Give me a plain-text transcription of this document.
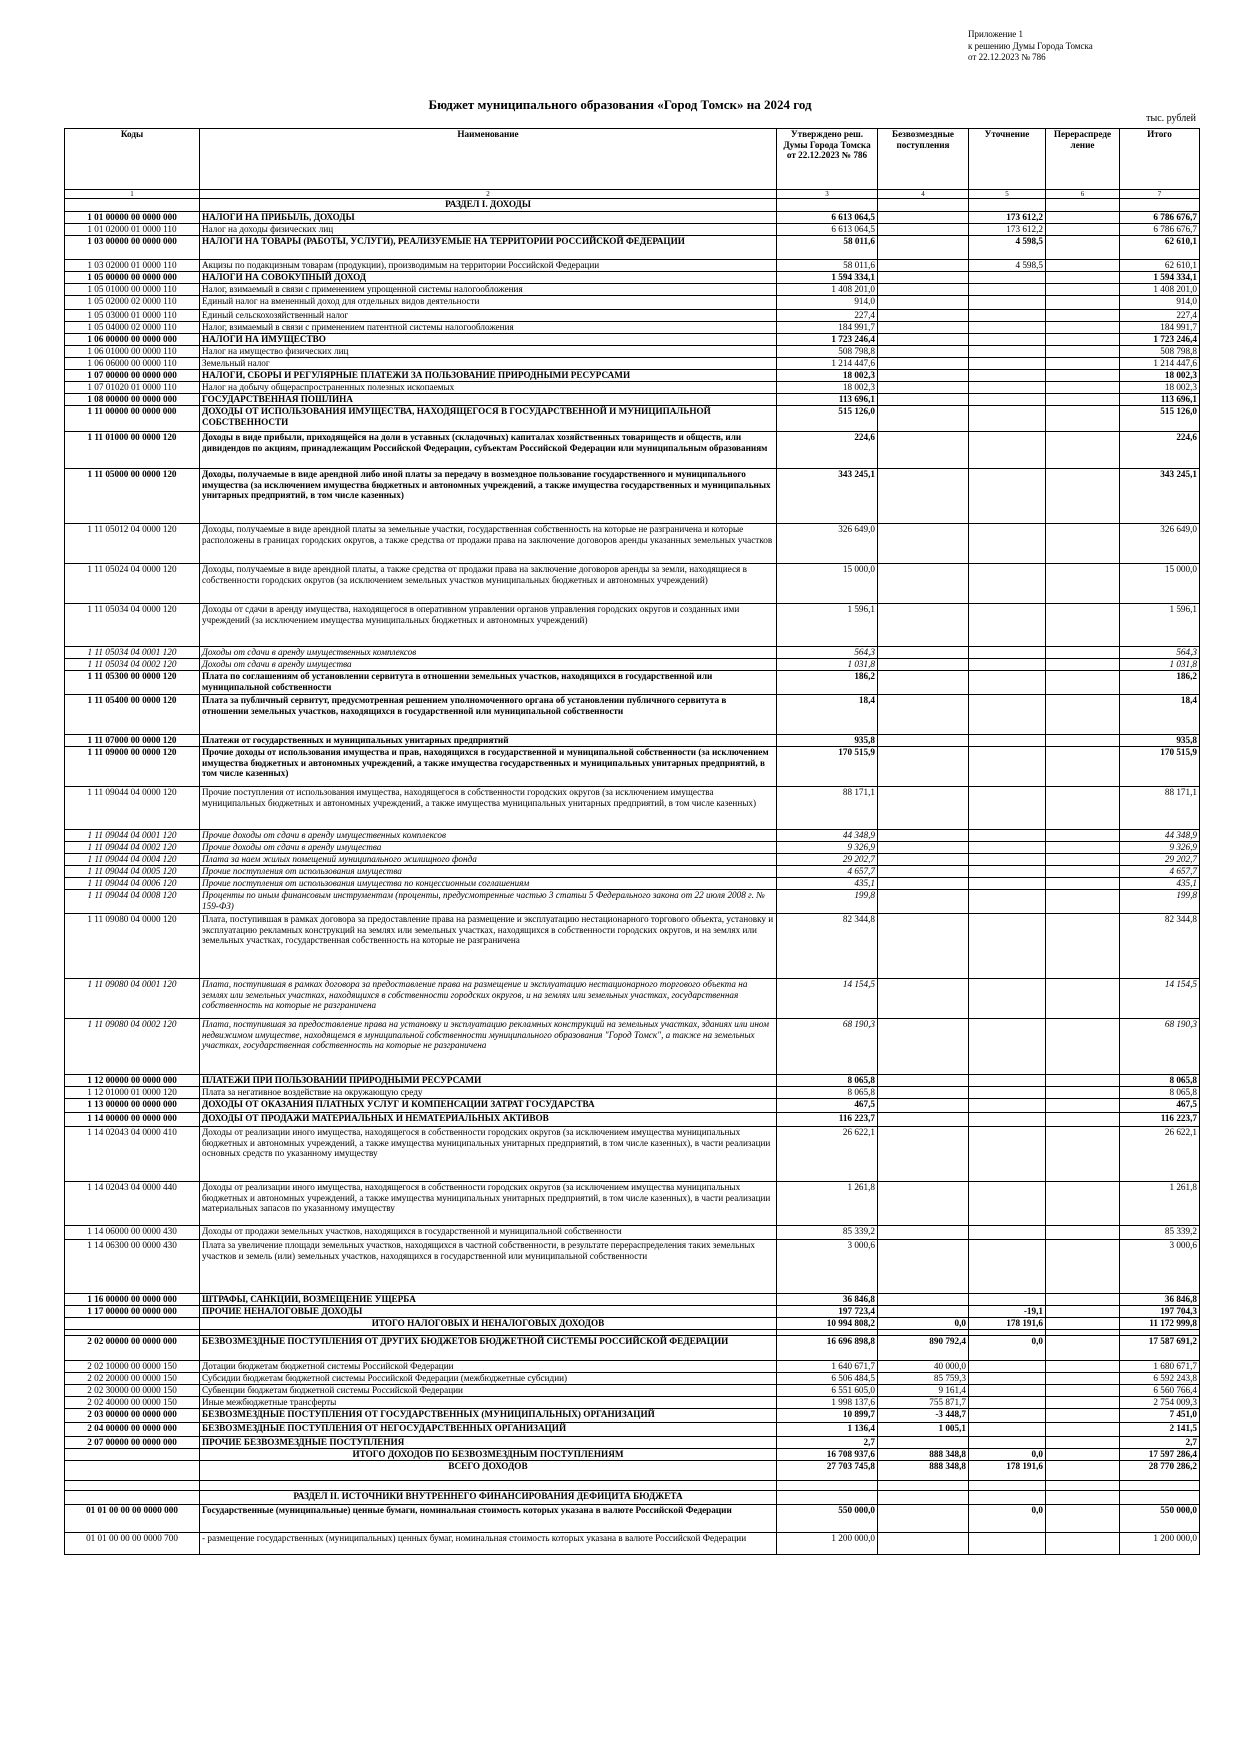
Приложение 1
к решению Думы Города Томска
от 22.12.2023 № 786
Бюджет муниципального образования «Город Томск» на 2024 год
тыс. рублей
Коды	Наименование	Утверждено реш. Думы Города Томска от 22.12.2023 № 786	Безвозмездные поступления	Уточнение	Перераспреде ление	Итого
1	2	3	4	5	6	7
	РАЗДЕЛ I. ДОХОДЫ					
1 01 00000 00 0000 000	НАЛОГИ НА ПРИБЫЛЬ, ДОХОДЫ	6 613 064,5		173 612,2		6 786 676,7
1 01 02000 01 0000 110	Налог на доходы физических лиц	6 613 064,5		173 612,2		6 786 676,7
1 03 00000 00 0000 000	НАЛОГИ НА ТОВАРЫ (РАБОТЫ, УСЛУГИ), РЕАЛИЗУЕМЫЕ НА ТЕРРИТОРИИ РОССИЙСКОЙ ФЕДЕРАЦИИ	58 011,6		4 598,5		62 610,1
1 03 02000 01 0000 110	Акцизы по подакцизным товарам (продукции), производимым на территории Российской Федерации	58 011,6		4 598,5		62 610,1
1 05 00000 00 0000 000	НАЛОГИ НА СОВОКУПНЫЙ ДОХОД	1 594 334,1				1 594 334,1
1 05 01000 00 0000 110	Налог, взимаемый в связи с применением упрощенной системы налогообложения	1 408 201,0				1 408 201,0
1 05 02000 02 0000 110	Единый налог на вмененный доход для отдельных видов деятельности	914,0				914,0
1 05 03000 01 0000 110	Единый сельскохозяйственный налог	227,4				227,4
1 05 04000 02 0000 110	Налог, взимаемый в связи с применением патентной системы налогообложения	184 991,7				184 991,7
1 06 00000 00 0000 000	НАЛОГИ НА ИМУЩЕСТВО	1 723 246,4				1 723 246,4
1 06 01000 00 0000 110	Налог на имущество физических лиц	508 798,8				508 798,8
1 06 06000 00 0000 110	Земельный налог	1 214 447,6				1 214 447,6
1 07 00000 00 0000 000	НАЛОГИ, СБОРЫ И РЕГУЛЯРНЫЕ ПЛАТЕЖИ ЗА ПОЛЬЗОВАНИЕ ПРИРОДНЫМИ РЕСУРСАМИ	18 002,3				18 002,3
1 07 01020 01 0000 110	Налог на добычу общераспространенных полезных ископаемых	18 002,3				18 002,3
1 08 00000 00 0000 000	ГОСУДАРСТВЕННАЯ ПОШЛИНА	113 696,1				113 696,1
1 11 00000 00 0000 000	ДОХОДЫ ОТ ИСПОЛЬЗОВАНИЯ ИМУЩЕСТВА, НАХОДЯЩЕГОСЯ В ГОСУДАРСТВЕННОЙ И МУНИЦИПАЛЬНОЙ СОБСТВЕННОСТИ	515 126,0				515 126,0
1 11 01000 00 0000 120	Доходы в виде прибыли, приходящейся на доли в уставных (складочных) капиталах хозяйственных товариществ и обществ, или дивидендов по акциям, принадлежащим Российской Федерации, субъектам Российской Федерации или муниципальным образованиям	224,6				224,6
1 11 05000 00 0000 120	Доходы, получаемые в виде арендной либо иной платы за передачу в возмездное пользование государственного и муниципального имущества (за исключением имущества бюджетных и автономных учреждений, а также имущества государственных и муниципальных унитарных предприятий, в том числе казенных)	343 245,1				343 245,1
1 11 05012 04 0000 120	Доходы, получаемые в виде арендной платы за земельные участки, государственная собственность на которые не разграничена и которые расположены в границах городских округов, а также средства от продажи права на заключение договоров аренды указанных земельных участков	326 649,0				326 649,0
1 11 05024 04 0000 120	Доходы, получаемые в виде арендной платы, а также средства от продажи права на заключение договоров аренды за земли, находящиеся в собственности городских округов (за исключением земельных участков муниципальных бюджетных и автономных учреждений)	15 000,0				15 000,0
1 11 05034 04 0000 120	Доходы от сдачи в аренду имущества, находящегося в оперативном управлении органов управления городских округов и созданных ими учреждений (за исключением имущества муниципальных бюджетных и автономных учреждений)	1 596,1				1 596,1
1 11 05034 04 0001 120	Доходы от сдачи в аренду имущественных комплексов	564,3				564,3
1 11 05034 04 0002 120	Доходы от сдачи в аренду имущества	1 031,8				1 031,8
1 11 05300 00 0000 120	Плата по соглашениям об установлении сервитута в отношении земельных участков, находящихся в государственной или муниципальной собственности	186,2				186,2
1 11 05400 00 0000 120	Плата за публичный сервитут, предусмотренная решением уполномоченного органа об установлении публичного сервитута в отношении земельных участков, находящихся в государственной или муниципальной собственности	18,4				18,4
1 11 07000 00 0000 120	Платежи от государственных и муниципальных унитарных предприятий	935,8				935,8
1 11 09000 00 0000 120	Прочие доходы от использования имущества и прав, находящихся в государственной и муниципальной собственности (за исключением имущества бюджетных и автономных учреждений, а также имущества государственных и муниципальных унитарных предприятий, в том числе казенных)	170 515,9				170 515,9
1 11 09044 04 0000 120	Прочие поступления от использования имущества, находящегося в собственности городских округов (за исключением имущества муниципальных бюджетных и автономных учреждений, а также имущества муниципальных унитарных предприятий, в том числе казенных)	88 171,1				88 171,1
1 11 09044 04 0001 120	Прочие доходы от сдачи в аренду имущественных комплексов	44 348,9				44 348,9
1 11 09044 04 0002 120	Прочие доходы от сдачи в аренду имущества	9 326,9				9 326,9
1 11 09044 04 0004 120	Плата за наем жилых помещений муниципального жилищного фонда	29 202,7				29 202,7
1 11 09044 04 0005 120	Прочие поступления от использования имущества	4 657,7				4 657,7
1 11 09044 04 0006 120	Прочие поступления от использования имущества по концессионным соглашениям	435,1				435,1
1 11 09044 04 0008 120	Проценты по иным финансовым инструментам (проценты, предусмотренные частью 3 статьи 5 Федерального закона от 22 июля 2008 г. № 159-ФЗ)	199,8				199,8
1 11 09080 04 0000 120	Плата, поступившая в рамках договора за предоставление права на размещение и эксплуатацию нестационарного торгового объекта, установку и эксплуатацию рекламных конструкций на землях или земельных участках, находящихся в собственности городских округов, и на землях или земельных участках, государственная собственность на которые не разграничена	82 344,8				82 344,8
1 11 09080 04 0001 120	Плата, поступившая в рамках договора за предоставление права на размещение и эксплуатацию нестационарного торгового объекта на землях или земельных участках, находящихся в собственности городских округов, и на землях или земельных участках, государственная собственность на которые не разграничена	14 154,5				14 154,5
1 11 09080 04 0002 120	Плата, поступившая за предоставление права на установку и эксплуатацию рекламных конструкций на земельных участках, зданиях или ином недвижимом имуществе, находящемся в муниципальной собственности муниципального образования "Город Томск", а также на земельных участках, государственная собственность на которые не разграничена	68 190,3				68 190,3
1 12 00000 00 0000 000	ПЛАТЕЖИ ПРИ ПОЛЬЗОВАНИИ ПРИРОДНЫМИ РЕСУРСАМИ	8 065,8				8 065,8
1 12 01000 01 0000 120	Плата за негативное воздействие на окружающую среду	8 065,8				8 065,8
1 13 00000 00 0000 000	ДОХОДЫ ОТ ОКАЗАНИЯ ПЛАТНЫХ УСЛУГ И КОМПЕНСАЦИИ ЗАТРАТ ГОСУДАРСТВА	467,5				467,5
1 14 00000 00 0000 000	ДОХОДЫ ОТ ПРОДАЖИ МАТЕРИАЛЬНЫХ И НЕМАТЕРИАЛЬНЫХ АКТИВОВ	116 223,7				116 223,7
1 14 02043 04 0000 410	Доходы от реализации иного имущества, находящегося в собственности городских округов (за исключением имущества муниципальных бюджетных и автономных учреждений, а также имущества муниципальных унитарных предприятий, в том числе казенных), в части реализации основных средств по указанному имуществу	26 622,1				26 622,1
1 14 02043 04 0000 440	Доходы от реализации иного имущества, находящегося в собственности городских округов (за исключением имущества муниципальных бюджетных и автономных учреждений, а также имущества муниципальных унитарных предприятий, в том числе казенных), в части реализации материальных запасов по указанному имуществу	1 261,8				1 261,8
1 14 06000 00 0000 430	Доходы от продажи земельных участков, находящихся в государственной и муниципальной собственности	85 339,2				85 339,2
1 14 06300 00 0000 430	Плата за увеличение площади земельных участков, находящихся в частной собственности, в результате перераспределения таких земельных участков и земель (или) земельных участков, находящихся в государственной или муниципальной собственности	3 000,6				3 000,6
1 16 00000 00 0000 000	ШТРАФЫ, САНКЦИИ, ВОЗМЕЩЕНИЕ УЩЕРБА	36 846,8				36 846,8
1 17 00000 00 0000 000	ПРОЧИЕ НЕНАЛОГОВЫЕ ДОХОДЫ	197 723,4		-19,1		197 704,3
	ИТОГО НАЛОГОВЫХ И НЕНАЛОГОВЫХ ДОХОДОВ	10 994 808,2	0,0	178 191,6		11 172 999,8

2 02 00000 00 0000 000	БЕЗВОЗМЕЗДНЫЕ ПОСТУПЛЕНИЯ ОТ ДРУГИХ БЮДЖЕТОВ БЮДЖЕТНОЙ СИСТЕМЫ РОССИЙСКОЙ ФЕДЕРАЦИИ	16 696 898,8	890 792,4	0,0		17 587 691,2
2 02 10000 00 0000 150	Дотации бюджетам бюджетной системы Российской Федерации	1 640 671,7	40 000,0			1 680 671,7
2 02 20000 00 0000 150	Субсидии бюджетам бюджетной системы Российской Федерации (межбюджетные субсидии)	6 506 484,5	85 759,3			6 592 243,8
2 02 30000 00 0000 150	Субвенции бюджетам бюджетной системы Российской Федерации	6 551 605,0	9 161,4			6 560 766,4
2 02 40000 00 0000 150	Иные межбюджетные трансферты	1 998 137,6	755 871,7			2 754 009,3
2 03 00000 00 0000 000	БЕЗВОЗМЕЗДНЫЕ ПОСТУПЛЕНИЯ ОТ ГОСУДАРСТВЕННЫХ (МУНИЦИПАЛЬНЫХ) ОРГАНИЗАЦИЙ	10 899,7	-3 448,7			7 451,0
2 04 00000 00 0000 000	БЕЗВОЗМЕЗДНЫЕ ПОСТУПЛЕНИЯ ОТ НЕГОСУДАРСТВЕННЫХ ОРГАНИЗАЦИЙ	1 136,4	1 005,1			2 141,5
2 07 00000 00 0000 000	ПРОЧИЕ БЕЗВОЗМЕЗДНЫЕ ПОСТУПЛЕНИЯ	2,7				2,7
	ИТОГО ДОХОДОВ ПО БЕЗВОЗМЕЗДНЫМ ПОСТУПЛЕНИЯМ	16 708 937,6	888 348,8	0,0		17 597 286,4
	ВСЕГО ДОХОДОВ	27 703 745,8	888 348,8	178 191,6		28 770 286,2

	РАЗДЕЛ II. ИСТОЧНИКИ ВНУТРЕННЕГО ФИНАНСИРОВАНИЯ ДЕФИЦИТА БЮДЖЕТА					
01 01 00 00 00 0000 000	Государственные (муниципальные) ценные бумаги, номинальная стоимость которых указана в валюте Российской Федерации	550 000,0		0,0		550 000,0
01 01 00 00 00 0000 700	- размещение государственных (муниципальных) ценных бумаг, номинальная стоимость которых указана в валюте Российской Федерации	1 200 000,0				1 200 000,0
